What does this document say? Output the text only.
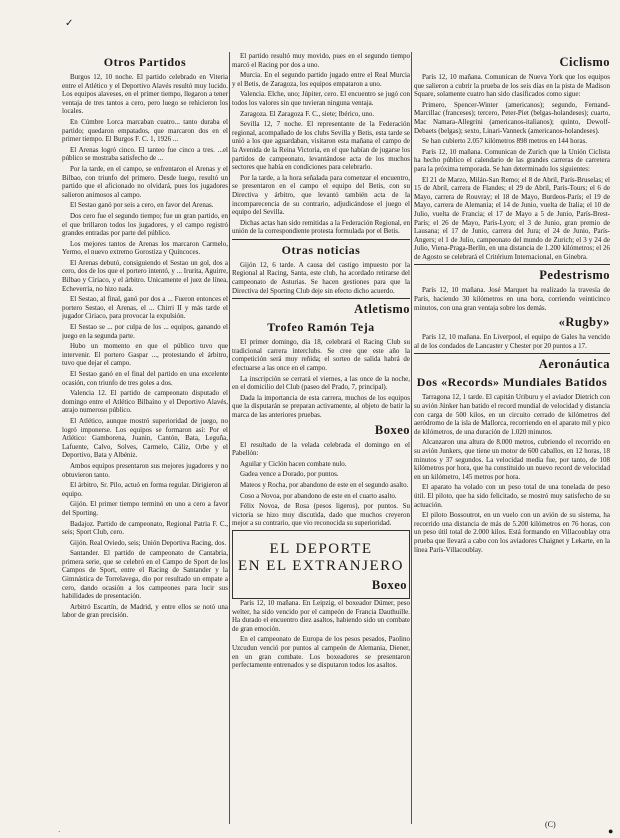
✓
Otros Partidos

Burgos 12, 10 noche. El partido celebrado en Viteria entre el Atlético y el Deportivo Alavés resultó muy lucido. Los equipos alaveses, en el primer tiempo, llegaron a tener ventaja de tres tantos a cero, pero luego se rehicieron los locales.

En Cúmbre Lorca marcaban cuatro... tanto duraba el partido; quedaron empatados, que marcaron dos en el primer tiempo. El Burgos F. C. 1, 1926 ...

El Arenas logró cinco. El tanteo fue cinco a tres. ...el público se mostraba satisfecho de ...

Por la tarde, en el campo, se enfrentaron el Arenas y el Bilbao, con triunfo del primero. Desde luego, resultó un partido que el aficionado no olvidará, pues los jugadores salieron animosos al campo.

El Sestao ganó por seis a cero, en favor del Arenas.

Dos cero fue el segundo tiempo; fue un gran partido, en el que brillaron todos los jugadores, y el campo registró grandes entradas por parte del público.

Los mejores tantos de Arenas los marcaron Carmelo, Yermo, el nuevo extremo Gorostiza y Quincoces.

El Arenas debutó, consiguiendo el Sestao un gol, dos a cero, dos de los que el portero intentó, y ... Irurita, Aguirre, Bilbao y Ciriaco, y el árbitro. Unicamente el juez de línea, Echeverría, no hizo nada.

El Sestao, al final, ganó por dos a ... Fueron entonces el portero Sestao, el Arenas, el ... Chirri II y más tarde el jugador Ciriaco, para provocar la expulsión.

El Sestao se ... por culpa de los ... equipos, ganando el juego en la segunda parte.

Hubo un momento en que el público tuvo que intervenir. El portero Gaspar ..., protestando el árbitro, tuvo que dejar el campo.

El Sestao ganó en el final del partido en una excelente ocasión, con triunfo de tres goles a dos.

Valencia 12. El partido de campeonato disputado el domingo entre el Atlético Bilbaíno y el Deportivo Alavés, atrajo numeroso público.

El Atlético, aunque mostró superioridad de juego, no logró imponerse. Los equipos se formaron así: Por el Atlético: Gamborena, Juanin, Cantón, Bata, Leguña, Lafuente, Calvo, Solves, Carmelo, Cáliz, Orbe y el Deportivo, Bata y Albéniz.

Ambos equipos presentaron sus mejores jugadores y no obtuvieron tanto.

El árbitro, Sr. Pilo, actuó en forma regular. Dirigieron al equipo.

Gijón. El primer tiempo terminó en uno a cero a favor del Sporting.

Badajoz. Partido de campeonato, Regional Patria F. C., seis; Sport Club, cero.

Gijón. Real Oviedo, seis; Unión Deportiva Racing, dos.

Santander. El partido de campeonato de Cantabria, primera serie, que se celebró en el Campo de Sport de los Campos de Sport, entre el Racing de Santander y la Gimnástica de Torrelavega, dio por resultado un empate a cero, dando ocasión a los campeones para lucir sus habilidades de presentación.

Arbitró Escartín, de Madrid, y entre ellos se notó una labor de gran precisión.

El partido resultó muy movido, pues en el segundo tiempo marcó el Racing por dos a uno.

Murcia. En el segundo partido jugado entre el Real Murcia y el Betis, de Zaragoza, los equipos empataron a uno.

Valencia. Elche, uno; Júpiter, cero. El encuentro se jugó con todos los valores sin que tuvieran ninguna ventaja.

Zaragoza. El Zaragoza F. C., siete; Ibérico, uno.

Sevilla 12, 7 noche. El representante de la Federación regional, acompañado de los clubs Sevilla y Betis, esta tarde se unió a los que aguardaban, visitaron esta mañana el campo de la Avenida de la Reina Victoria, en el que habían de jugarse los partidos de campeonato, levantándose acta de los muchos sectores que había en condiciones para celebrarlo.

Por la tarde, a la hora señalada para comenzar el encuentro, se presentaron en el campo el equipo del Betis, con su Directiva y árbitro, que levantó también acta de la incomparecencia de su contrario, adjudicándose el juego el equipo del Sevilla.

Dichas actas han sido remitidas a la Federación Regional, en unión de la correspondiente protesta formulada por el Betis.

Otras noticias

Gijón 12, 6 tarde. A causa del castigo impuesto por la Regional al Racing, Santa, este club, ha acordado retirarse del campeonato de Asturias. Se hacen gestiones para que la Directiva del Sporting Club deje sin efecto dicho acuerdo.

Atletismo
Trofeo Ramón Teja

El primer domingo, día 18, celebrará el Racing Club su tradicional carrera interclubs. Se cree que este año la competición será muy reñida; el sorteo de salida habrá de efectuarse a las once en el campo.

La inscripción se cerrará el viernes, a las once de la noche, en el domicilio del Club (paseo del Prado, 7, principal).

Dada la importancia de esta carrera, muchos de los equipos que la disputarán se preparan activamente, al objeto de batir la marca de las anteriores pruebas.

Boxeo

El resultado de la velada celebrada el domingo en el Pabellón:

Aguilar y Ciclón hacen combate nulo.

Gadea vence a Dorado, por puntos.

Mateos y Rocha, por abandono de este en el segundo asalto.

Coso a Novoa, por abandono de este en el cuarto asalto.

Félix Novoa, de Rosa (pesos ligeros), por puntos. Su victoria se hizo muy discutida, dado que muchos creyeron mejor a su contrario, que vio reconocida su superioridad.

EL DEPORTE
EN EL EXTRANJERO
Boxeo

París 12, 10 mañana. En Leipzig, el boxeador Dúmer, peso welter, ha sido vencido por el campeón de Francia Dauthuille. Ha durado el encuentro diez asaltos, habiendo sido un combate de gran emoción.

En el campeonato de Europa de los pesos pesados, Paolino Uzcudun venció por puntos al campeón de Alemania, Diener, en un gran combate. Los boxeadores se presentaron perfectamente entrenados y se disputaron todos los asaltos.

Ciclismo

París 12, 10 mañana. Comunican de Nueva York que los equipos que salieron a cubrir la prueba de los seis días en la pista de Madison Square, solamente cuatro han sido clasificados como sigue:

Primero, Spencer-Winter (americanos); segundo, Fernand-Marcillac (franceses); tercero, Peter-Piet (belgas-holandeses); cuarto, Mac Namara-Allegrini (americanos-italianos); quinto, Dewolf-Debaets (belgas); sexto, Linari-Vanneck (americanos-holandeses).

Se han cubierto 2.057 kilómetros 898 metros en 144 horas.

París 12, 10 mañana. Comunican de Zurich que la Unión Ciclista ha hecho público el calendario de las grandes carreras de carretera para la próxima temporada. Se han determinado los siguientes:

El 21 de Marzo, Milán-San Remo; el 8 de Abril, París-Bruselas; el 15 de Abril, carrera de Flandes; el 29 de Abril, París-Tours; el 6 de Mayo, carrera de Rouvray; el 18 de Mayo, Burdeos-París; el 19 de Mayo, carrera de Alemania; el 14 de Junio, vuelta de Italia; el 10 de Julio, vuelta de Francia; el 17 de Mayo a 5 de Junio, París-Brest-París; el 26 de Mayo, París-Lyon; el 3 de Junio, gran premio de Lausana; el 17 de Junio, carrera del Jura; el 24 de Junio, París-Angers; el 1 de Julio, campeonato del mundo de Zurich; el 3 y 24 de Julio, Viena-Praga-Berlín, en una distancia de 1.200 kilómetros; el 26 de Agosto se celebrará el Critérium Internacional, en Ginebra.

Pedestrismo

París 12, 10 mañana. José Marquet ha realizado la travesía de París, haciendo 30 kilómetros en una hora, corriendo veinticinco minutos, con una gran ventaja sobre los demás.

«Rugby»

París 12, 10 mañana. En Liverpool, el equipo de Gales ha vencido al de los condados de Lancaster y Chester por 20 puntos a 17.

Aeronáutica
Dos «Records» Mundiales Batidos

Tarragona 12, 1 tarde. El capitán Uriburu y el aviador Dietrich con su avión Júnker han batido el record mundial de velocidad y distancia con carga de 500 kilos, en un circuito cerrado de kilómetros del aeródromo de la isla de Mallorca, recorriendo en el aparato mil y pico de kilómetros, de una duración de 1.020 minutos.

Alcanzaron una altura de 8.000 metros, cubriendo el recorrido en su avión Junkers, que tiene un motor de 600 caballos, en 12 horas, 18 minutos y 37 segundos. La velocidad media fue, por tanto, de 108 kilómetros por hora, que ha constituido un nuevo record de velocidad en un kilómetro, 145 metros por hora.

El aparato ha volado con un peso total de una tonelada de peso útil. El piloto, que ha sido felicitado, se mostró muy satisfecho de su actuación.

El piloto Bossoutrot, en un vuelo con un avión de su sistema, ha recorrido una distancia de más de 5.200 kilómetros en 76 horas, con un peso útil total de 2.000 kilos. Está formando en Villacoublay otra prueba que llevará a cabo con los aviadores Chaignet y Lekarte, en la línea París-Villacoublay.

(C)
●
·
